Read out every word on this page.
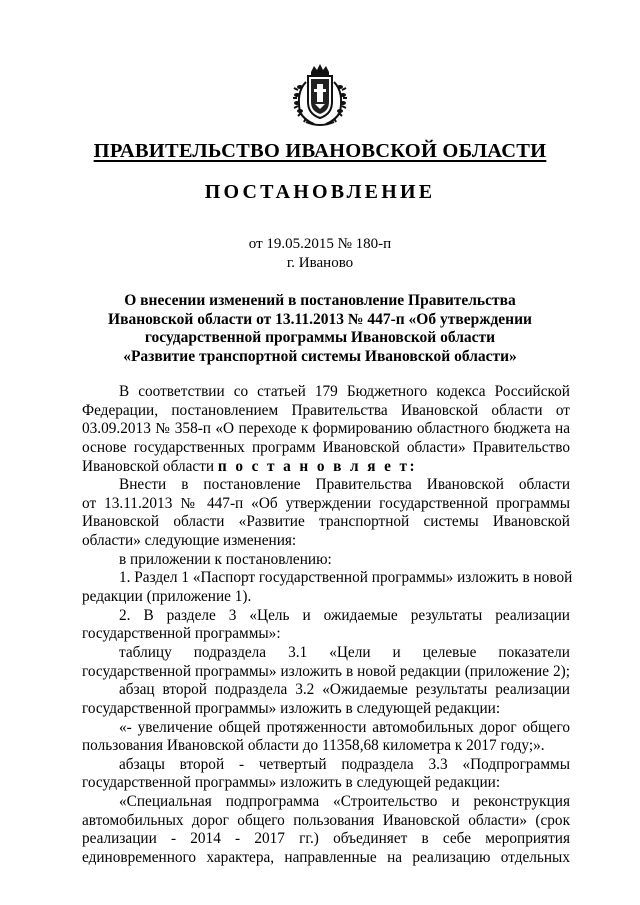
ПРАВИТЕЛЬСТВО ИВАНОВСКОЙ ОБЛАСТИ
ПОСТАНОВЛЕНИЕ
от 19.05.2015 № 180-п
г. Иваново
О внесении изменений в постановление Правительства
Ивановской области от 13.11.2013 № 447-п «Об утверждении
государственной программы Ивановской области
«Развитие транспортной системы Ивановской области»
В соответствии со статьей 179 Бюджетного кодекса Российской
Федерации, постановлением Правительства Ивановской области от
03.09.2013 № 358-п «О переходе к формированию областного бюджета на
основе государственных программ Ивановской области» Правительство
Ивановской области п о с т а н о в л я е т:
Внести в постановление Правительства Ивановской области
от 13.11.2013 № 447-п «Об утверждении государственной программы
Ивановской области «Развитие транспортной системы Ивановской
области» следующие изменения:
в приложении к постановлению:
1. Раздел 1 «Паспорт государственной программы» изложить в новой
редакции (приложение 1).
2. В разделе 3 «Цель и ожидаемые результаты реализации
государственной программы»:
таблицу подраздела 3.1 «Цели и целевые показатели
государственной программы» изложить в новой редакции (приложение 2);
абзац второй подраздела 3.2 «Ожидаемые результаты реализации
государственной программы» изложить в следующей редакции:
«- увеличение общей протяженности автомобильных дорог общего
пользования Ивановской области до 11358,68 километра к 2017 году;».
абзацы второй - четвертый подраздела 3.3 «Подпрограммы
государственной программы» изложить в следующей редакции:
«Специальная подпрограмма «Строительство и реконструкция
автомобильных дорог общего пользования Ивановской области» (срок
реализации - 2014 - 2017 гг.) объединяет в себе мероприятия
единовременного характера, направленные на реализацию отдельных
